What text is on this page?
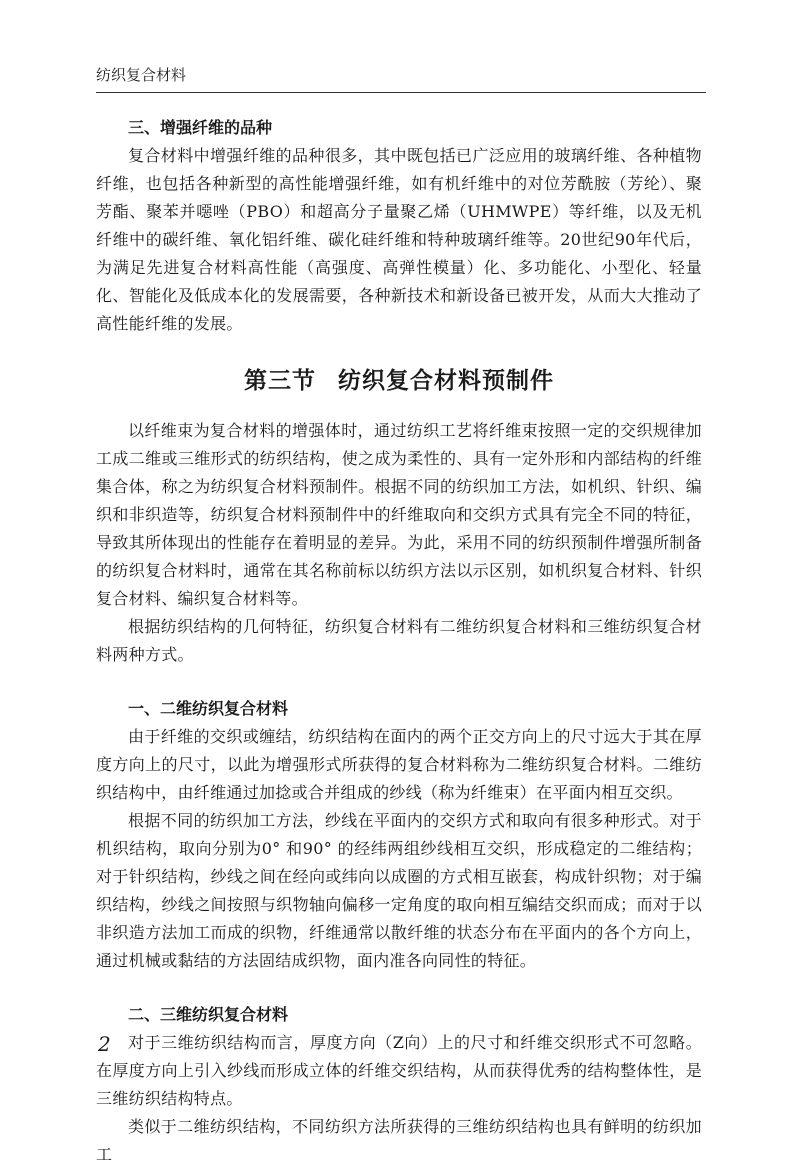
纺织复合材料
三、增强纤维的品种

复合材料中增强纤维的品种很多，其中既包括已广泛应用的玻璃纤维、各种植物纤维，也包括各种新型的高性能增强纤维，如有机纤维中的对位芳酰胺（芳纶）、聚芳酯、聚苯并噁唑（PBO）和超高分子量聚乙烯（UHMWPE）等纤维，以及无机纤维中的碳纤维、氧化铝纤维、碳化硅纤维和特种玻璃纤维等。20世纪90年代后，为满足先进复合材料高性能（高强度、高弹性模量）化、多功能化、小型化、轻量化、智能化及低成本化的发展需要，各种新技术和新设备已被开发，从而大大推动了高性能纤维的发展。

第三节 纺织复合材料预制件

以纤维束为复合材料的增强体时，通过纺织工艺将纤维束按照一定的交织规律加工成二维或三维形式的纺织结构，使之成为柔性的、具有一定外形和内部结构的纤维集合体，称之为纺织复合材料预制件。根据不同的纺织加工方法，如机织、针织、编织和非织造等，纺织复合材料预制件中的纤维取向和交织方式具有完全不同的特征，导致其所体现出的性能存在着明显的差异。为此，采用不同的纺织预制件增强所制备的纺织复合材料时，通常在其名称前标以纺织方法以示区别，如机织复合材料、针织复合材料、编织复合材料等。

根据纺织结构的几何特征，纺织复合材料有二维纺织复合材料和三维纺织复合材料两种方式。

一、二维纺织复合材料

由于纤维的交织或缠结，纺织结构在面内的两个正交方向上的尺寸远大于其在厚度方向上的尺寸，以此为增强形式所获得的复合材料称为二维纺织复合材料。二维纺织结构中，由纤维通过加捻或合并组成的纱线（称为纤维束）在平面内相互交织。

根据不同的纺织加工方法，纱线在平面内的交织方式和取向有很多种形式。对于机织结构，取向分别为0° 和90° 的经纬两组纱线相互交织，形成稳定的二维结构；对于针织结构，纱线之间在经向或纬向以成圈的方式相互嵌套，构成针织物；对于编织结构，纱线之间按照与织物轴向偏移一定角度的取向相互编结交织而成；而对于以非织造方法加工而成的织物，纤维通常以散纤维的状态分布在平面内的各个方向上，通过机械或黏结的方法固结成织物，面内准各向同性的特征。

二、三维纺织复合材料

对于三维纺织结构而言，厚度方向（Z向）上的尺寸和纤维交织形式不可忽略。在厚度方向上引入纱线而形成立体的纤维交织结构，从而获得优秀的结构整体性，是三维纺织结构特点。

类似于二维纺织结构，不同纺织方法所获得的三维纺织结构也具有鲜明的纺织加工

2
